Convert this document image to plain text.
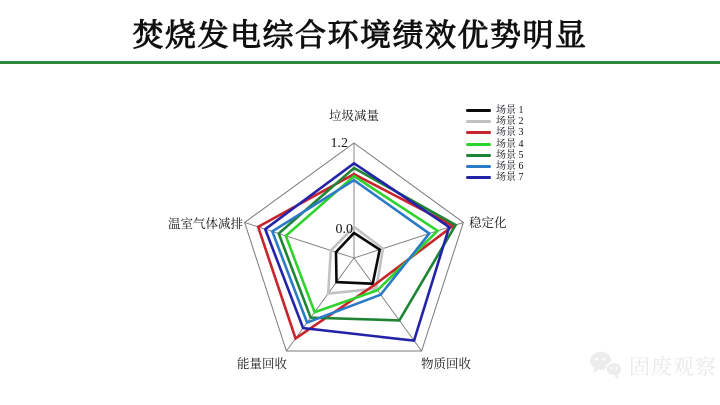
焚烧发电综合环境绩效优势明显
垃圾减量
稳定化
物质回收
能量回收
温室气体减排	0.0
1.2
场景 1
场景 2
场景 3
场景 4
场景 5
场景 6
场景 7
固废观察
